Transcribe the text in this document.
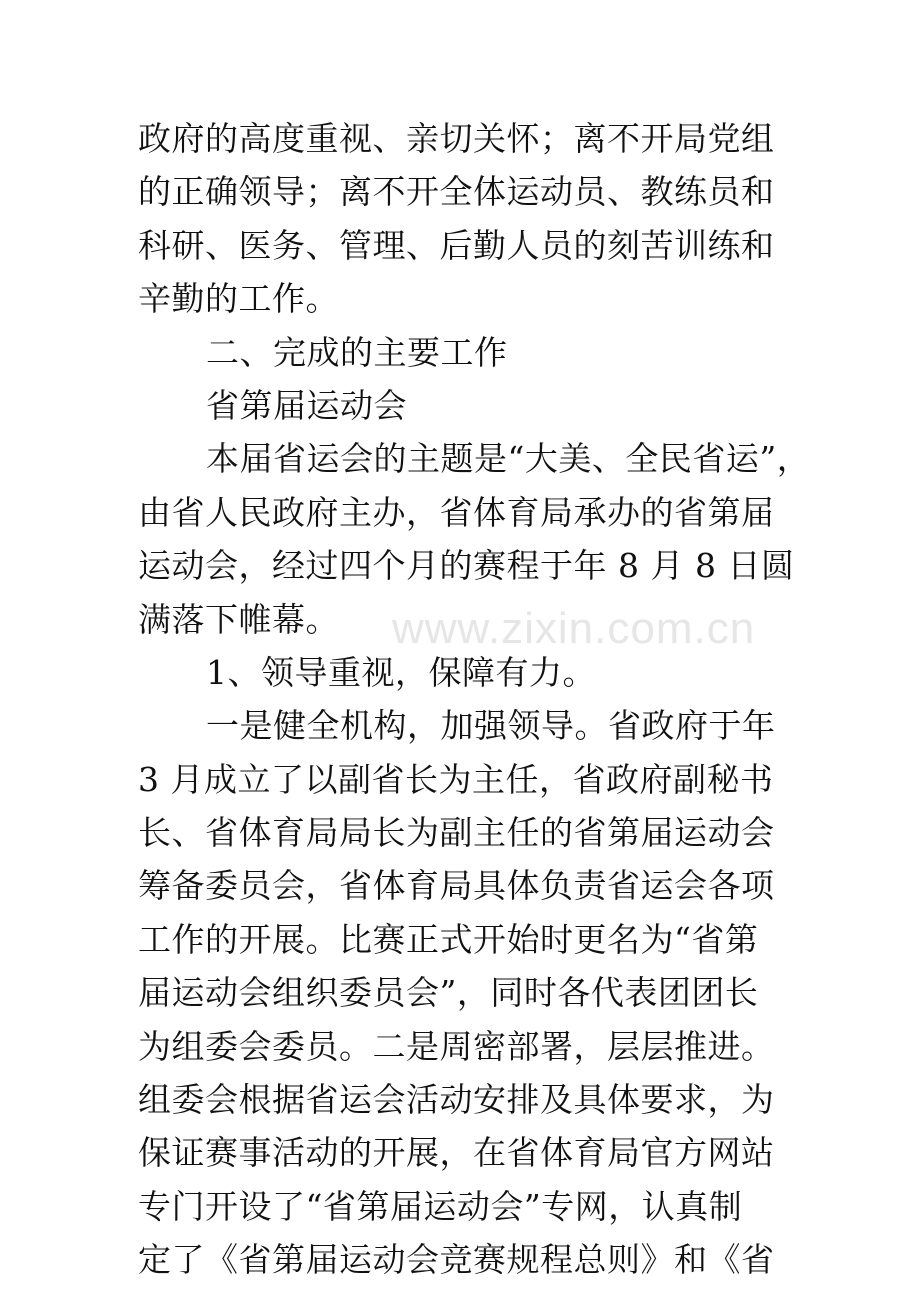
www.zixin.com.cn
政府的高度重视、亲切关怀；离不开局党组
的正确领导；离不开全体运动员、教练员和
科研、医务、管理、后勤人员的刻苦训练和
辛勤的工作。
二、完成的主要工作
省第届运动会
本届省运会的主题是“大美、全民省运”，
由省人民政府主办，省体育局承办的省第届
运动会，经过四个月的赛程于年 8 月 8 日圆
满落下帷幕。
1、领导重视，保障有力。
一是健全机构，加强领导。省政府于年
3 月成立了以副省长为主任，省政府副秘书
长、省体育局局长为副主任的省第届运动会
筹备委员会，省体育局具体负责省运会各项
工作的开展。比赛正式开始时更名为“省第
届运动会组织委员会”，同时各代表团团长
为组委会委员。二是周密部署，层层推进。
组委会根据省运会活动安排及具体要求，为
保证赛事活动的开展，在省体育局官方网站
专门开设了“省第届运动会”专网，认真制
定了《省第届运动会竞赛规程总则》和《省
